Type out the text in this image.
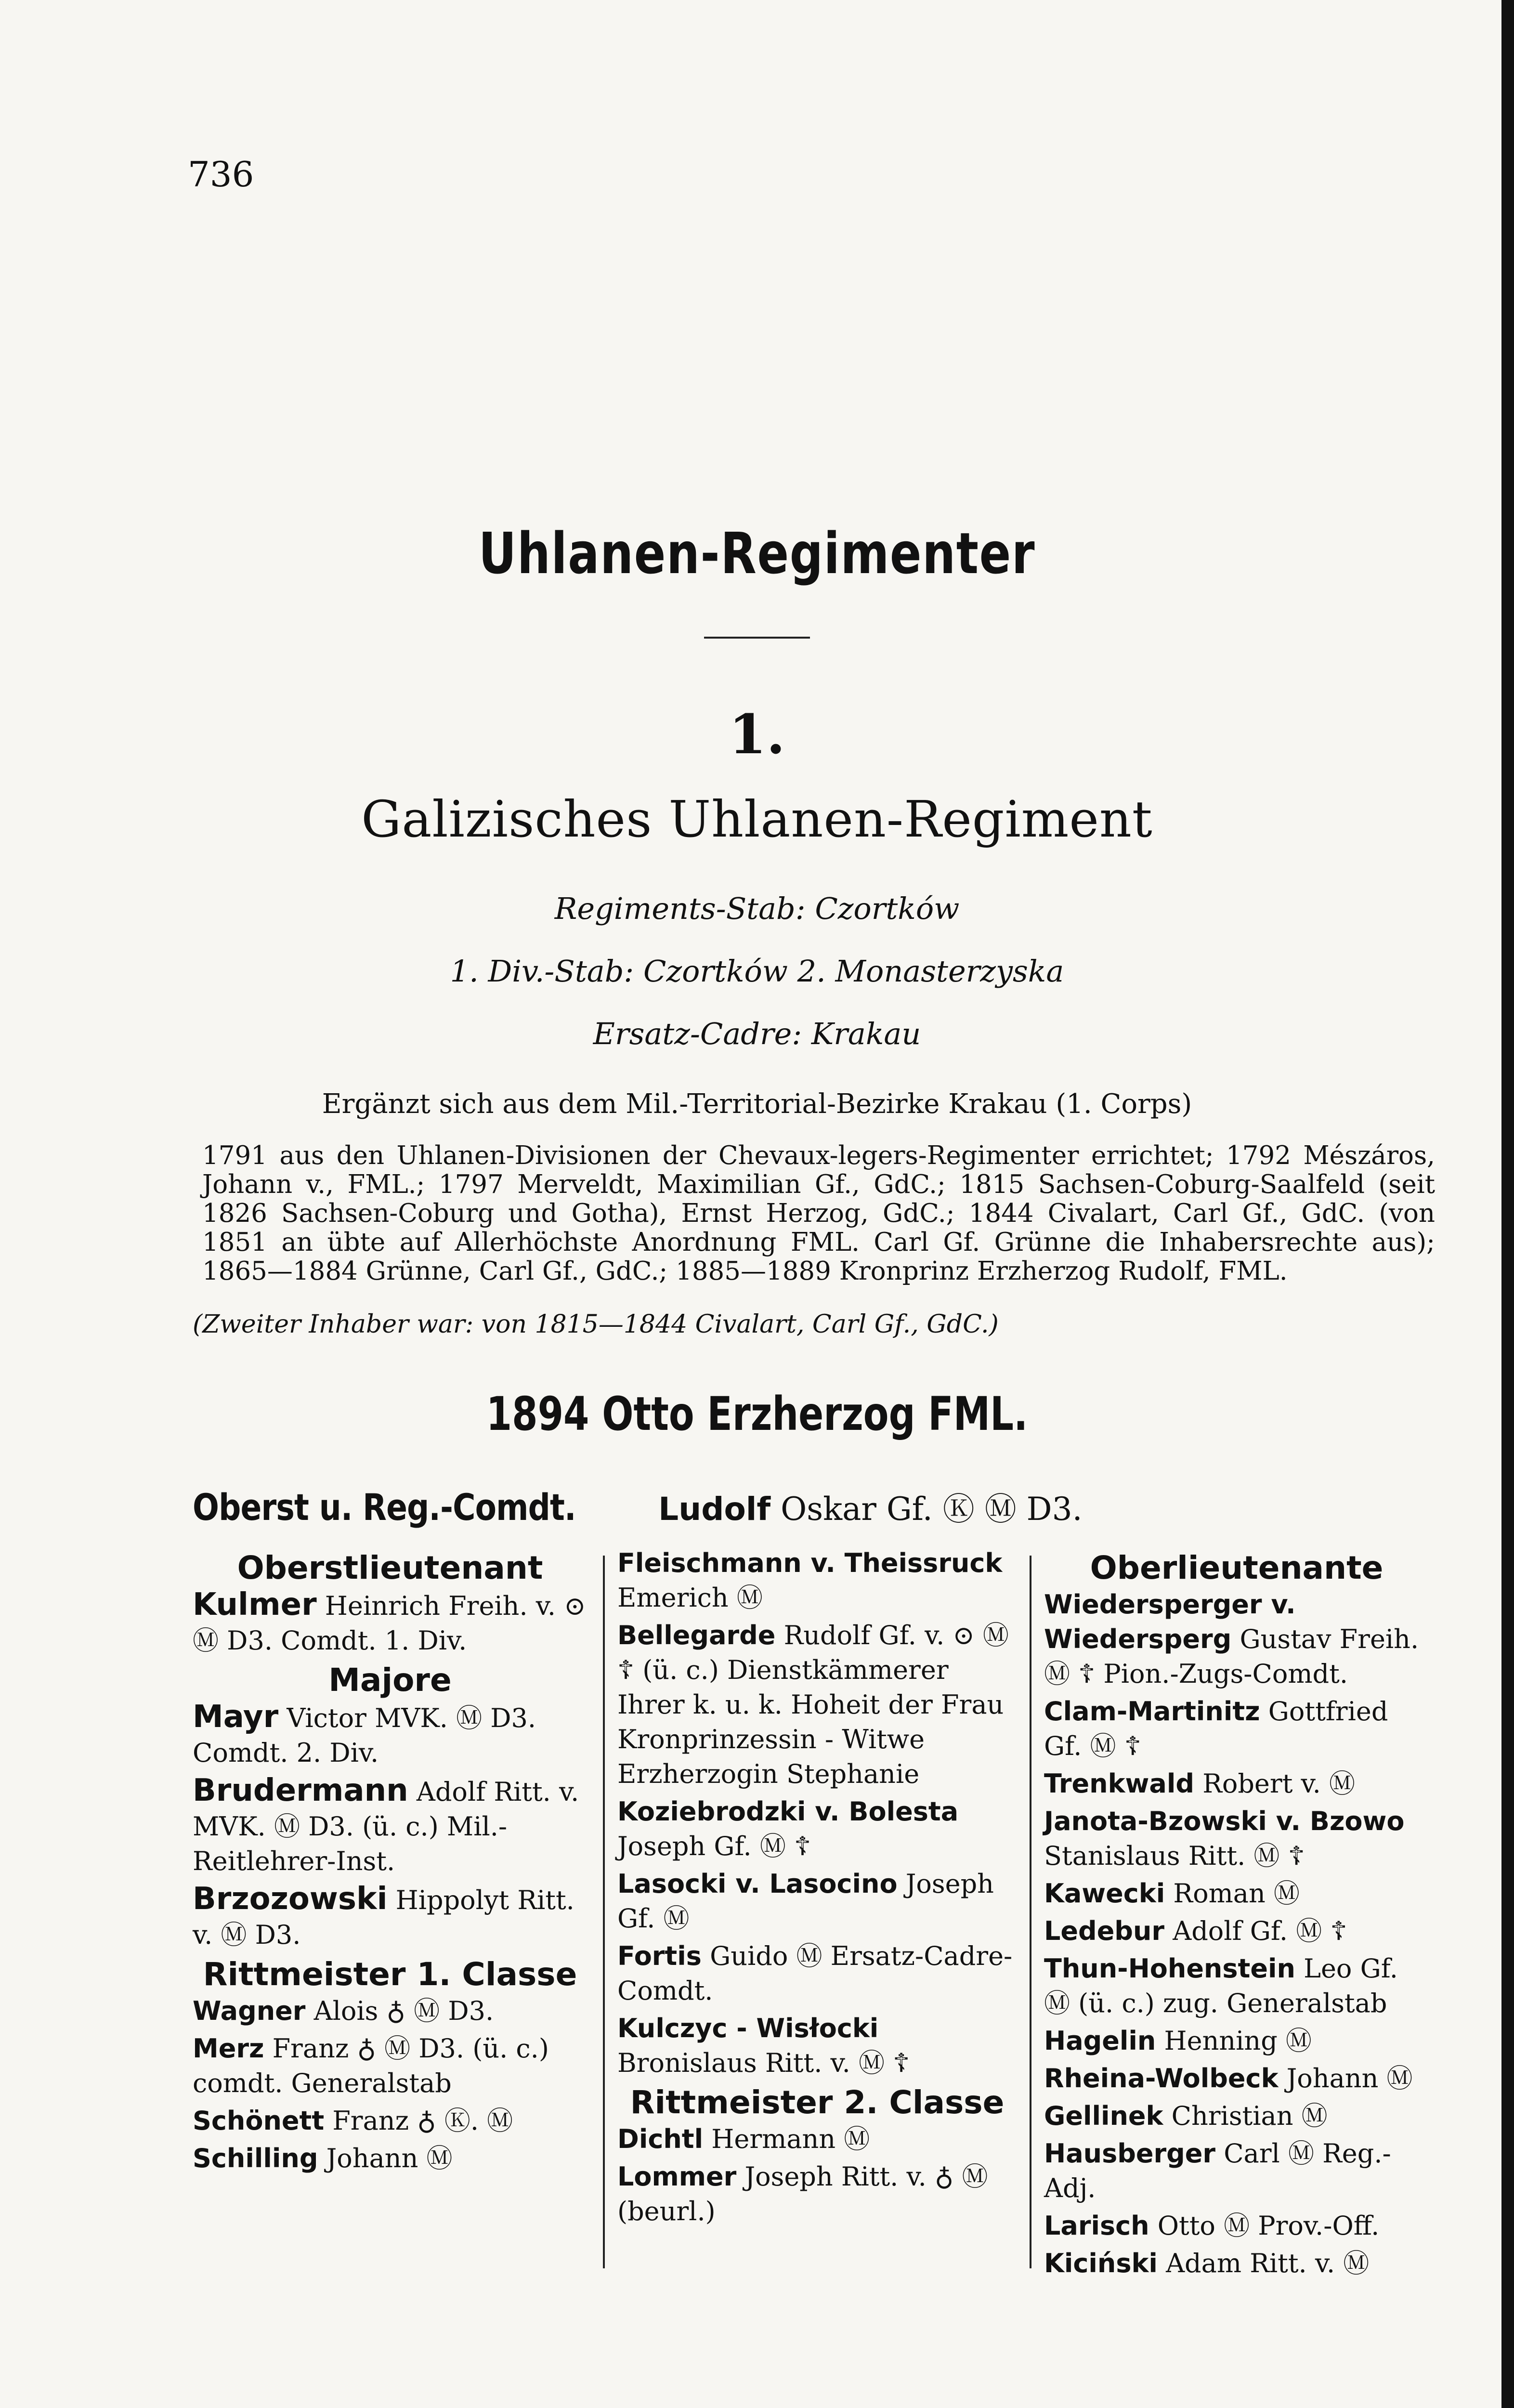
736
Uhlanen-Regimenter
1.
Galizisches Uhlanen-Regiment
Regiments-Stab: Czortków
1. Div.-Stab: Czortków 2. Monasterzyska
Ersatz-Cadre: Krakau
Ergänzt sich aus dem Mil.-Territorial-Bezirke Krakau (1. Corps)
1791 aus den Uhlanen-Divisionen der Chevaux-legers-Regimenter errichtet; 1792 Mészáros, Johann v., FML.; 1797 Merveldt, Maximilian Gf., GdC.; 1815 Sachsen-Coburg-Saalfeld (seit 1826 Sachsen-Coburg und Gotha), Ernst Herzog, GdC.; 1844 Civalart, Carl Gf., GdC. (von 1851 an übte auf Allerhöchste Anordnung FML. Carl Gf. Grünne die Inhabersrechte aus); 1865—1884 Grünne, Carl Gf., GdC.; 1885—1889 Kronprinz Erzherzog Rudolf, FML.
(Zweiter Inhaber war: von 1815—1844 Civalart, Carl Gf., GdC.)
1894 Otto Erzherzog FML.
Oberst u. Reg.-Comdt.	Ludolf Oskar Gf. Ⓚ Ⓜ D3.
Oberstlieutenant
Kulmer Heinrich Freih. v. ⊙ Ⓜ D3. Comdt. 1. Div.
Majore
Mayr Victor MVK. Ⓜ D3. Comdt. 2. Div.
Brudermann Adolf Ritt. v. MVK. Ⓜ D3. (ü. c.) Mil.-Reitlehrer-Inst.
Brzozowski Hippolyt Ritt. v. Ⓜ D3.
Rittmeister 1. Classe
Wagner Alois ♁ Ⓜ D3.
Merz Franz ♁ Ⓜ D3. (ü. c.) comdt. Generalstab
Schönett Franz ♁ Ⓚ. Ⓜ
Schilling Johann Ⓜ
Fleischmann v. Theissruck Emerich Ⓜ
Bellegarde Rudolf Gf. v. ⊙ Ⓜ ☦ (ü. c.) Dienstkämmerer Ihrer k. u. k. Hoheit der Frau Kronprinzessin - Witwe Erzherzogin Stephanie
Koziebrodzki v. Bolesta Joseph Gf. Ⓜ ☦
Lasocki v. Lasocino Joseph Gf. Ⓜ
Fortis Guido Ⓜ Ersatz-Cadre-Comdt.
Kulczyc - Wisłocki Bronislaus Ritt. v. Ⓜ ☦
Rittmeister 2. Classe
Dichtl Hermann Ⓜ
Lommer Joseph Ritt. v. ♁ Ⓜ (beurl.)
Oberlieutenante
Wiedersperger v. Wiedersperg Gustav Freih. Ⓜ ☦ Pion.-Zugs-Comdt.
Clam-Martinitz Gottfried Gf. Ⓜ ☦
Trenkwald Robert v. Ⓜ
Janota-Bzowski v. Bzowo Stanislaus Ritt. Ⓜ ☦
Kawecki Roman Ⓜ
Ledebur Adolf Gf. Ⓜ ☦
Thun-Hohenstein Leo Gf. Ⓜ (ü. c.) zug. Generalstab
Hagelin Henning Ⓜ
Rheina-Wolbeck Johann Ⓜ
Gellinek Christian Ⓜ
Hausberger Carl Ⓜ Reg.-Adj.
Larisch Otto Ⓜ Prov.-Off.
Kiciński Adam Ritt. v. Ⓜ
